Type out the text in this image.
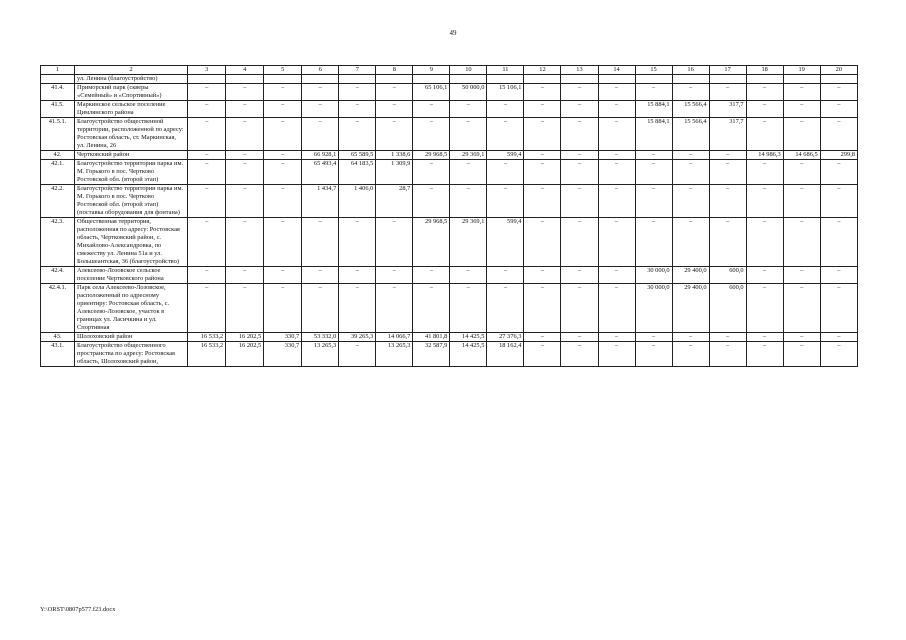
49
1	2	3	4	5	6	7	8	9	10	11	12	13	14	15	16	17	18	19	20
	ул. Ленина (благоустройство)																		
41.4.	Приморский парк (скверы «Семейный» и «Спортивный»)	–	–	–	–	–	–	65 106,1	50 000,0	15 106,1	–	–	–	–	–	–	–	–	–
41.5.	Маркинское сельское поселение Цимлянского района	–	–	–	–	–	–	–	–	–	–	–	–	15 884,1	15 566,4	317,7	–	–	–
41.5.1.	Благоустройство общественной территории, расположенной по адресу: Ростовская область, ст. Маркинская, ул. Ленина, 26	–	–	–	–	–	–	–	–	–	–	–	–	15 884,1	15 566,4	317,7	–	–	–
42.	Чертковский район	–	–	–	66 928,1	65 589,5	1 338,6	29 968,5	29 369,1	599,4	–	–	–	–	–	–	14 986,3	14 686,5	299,8
42.1.	Благоустройство территории парка им. М. Горького в пос. Чертково Ростовской обл. (второй этап)	–	–	–	65 493,4	64 183,5	1 309,9	–	–	–	–	–	–	–	–	–	–	–	–
42.2.	Благоустройство территории парка им. М. Горького в пос. Чертково Ростовской обл. (второй этап) (поставка оборудования для фонтана)	–	–	–	1 434,7	1 406,0	28,7	–	–	–	–	–	–	–	–	–	–	–	–
42.3.	Общественная территория, расположенная по адресу: Ростовская область, Чертковский район, с. Михайлово-Александровка, по смежеству ул. Ленина 51а и ул. Большеантская, 36 (благоустройство)	–	–	–	–	–	–	29 968,5	29 369,1	599,4	–	–	–	–	–	–	–	–	–
42.4.	Алексеево-Лозовское сельское поселение Чертковского района	–	–	–	–	–	–	–	–	–	–	–	–	30 000,0	29 400,0	600,0	–	–	–
42.4.1.	Парк села Алексеево-Лозовское, расположенный по адресному ориентиру: Ростовская область, с. Алексеево-Лозовское, участок в границах ул. Ласичкина и ул. Спортивная	–	–	–	–	–	–	–	–	–	–	–	–	30 000,0	29 400,0	600,0	–	–	–
43.	Шолоховский район	16 533,2	16 202,5	330,7	53 332,0	39 265,3	14 066,7	41 801,8	14 425,5	27 376,3	–	–	–	–	–	–	–	–	–
43.1.	Благоустройство общественного пространства по адресу: Ростовская область, Шолоховский район,	16 533,2	16 202,5	330,7	13 265,3	–	13 265,3	32 587,9	14 425,5	18 162,4	–	–	–	–	–	–	–	–	–
Y:\ORST\0807p577.f23.docx
